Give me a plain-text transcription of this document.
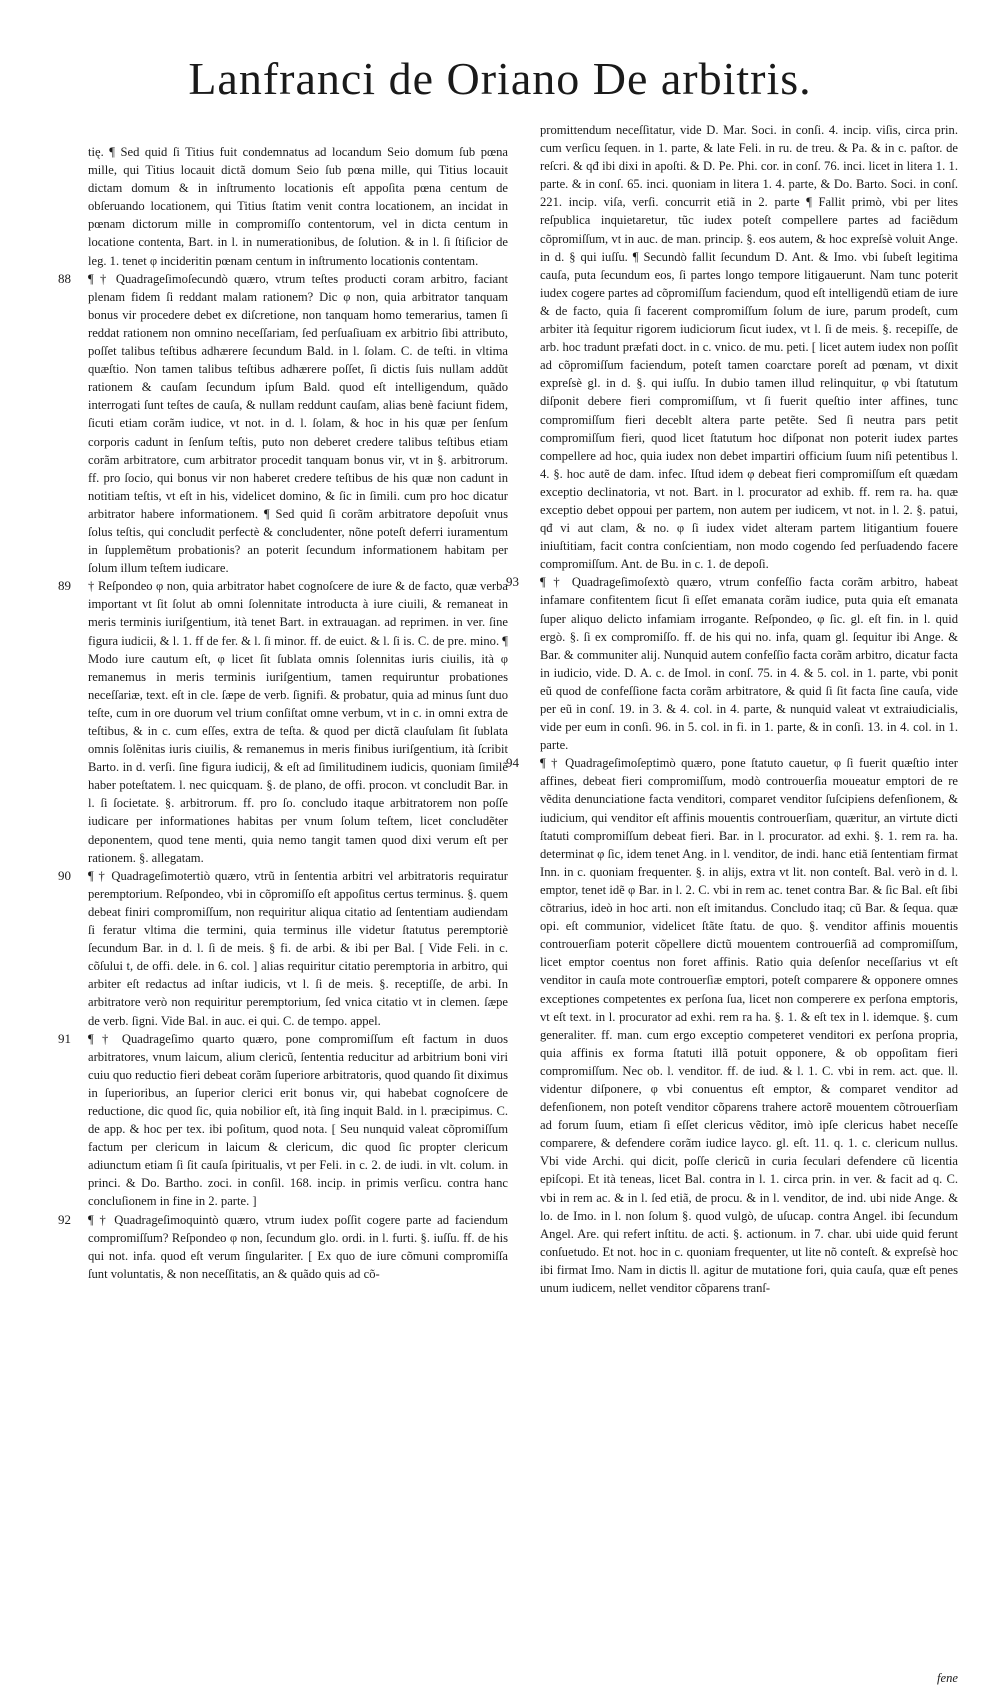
Lanfranci de Oriano De arbitris.

tię. ¶ Sed quid ſi Titius fuit condemnatus ad locandum Seio domum ſub pœna mille, qui Titius locauit dictã domum Seio ſub pœna mille, qui Titius locauit dictam domum & in inſtrumento locationis eſt appoſita pœna centum de obſeruando locationem, qui Titius ſtatim venit contra locationem, an incidat in pœnam dictorum mille in compromiſſo contentorum, vel in dicta centum in locatione contenta, Bart. in l. in numerationibus, de ſolution. & in l. ſi ſtiſicior de leg. 1. tenet φ incideritin pœnam centum in inſtrumento locationis contentam.

88 ¶ † Quadrageſimoſecundò quæro, vtrum teſtes producti coram arbitro, faciant plenam fidem ſi reddant malam rationem? Dic φ non, quia arbitrator tanquam bonus vir procedere debet ex diſcretione, non tanquam homo temerarius, tamen ſi reddat rationem non omnino neceſſariam, ſed perſuaſiuam ex arbitrio ſibi attributo, poſſet talibus teſtibus adhærere ſecundum Bald. in l. ſolam. C. de teſti. in vltima quæſtio. Non tamen talibus teſtibus adhærere poſſet, ſi dictis ſuis nullam addũt rationem & cauſam ſecundum ipſum Bald. quod eſt intelligendum, quãdo interrogati ſunt teſtes de cauſa, & nullam reddunt cauſam, alias benè faciunt fidem, ſicuti etiam corãm iudice, vt not. in d. l. ſolam, & hoc in his quæ per ſenſum corporis cadunt in ſenſum teſtis, puto non deberet credere talibus teſtibus etiam corãm arbitratore, cum arbitrator procedit tanquam bonus vir, vt in §. arbitrorum. ff. pro ſocio, qui bonus vir non haberet credere teſtibus de his quæ non cadunt in notitiam teſtis, vt eſt in his, videlicet domino, & ſic in ſimili. cum pro hoc dicatur arbitrator habere informationem. ¶ Sed quid ſi corãm arbitratore depoſuit vnus ſolus teſtis, qui concludit perfectè & concludenter, nõne poteſt deferri iuramentum in ſupplemẽtum probationis? an poterit ſecundum informationem habitam per ſolum illum teſtem iudicare.

89 † Reſpondeo φ non, quia arbitrator habet cognoſcere de iure & de facto, quæ verba important vt ſit ſolut ab omni ſolennitate introducta à iure ciuili, & remaneat in meris terminis iuriſgentium, ità tenet Bart. in extrauagan. ad reprimen. in ver. ſine figura iudicii, & l. 1. ff de fer. & l. ſi minor. ff. de euict. & l. ſi is. C. de pre. mino. ¶ Modo iure cautum eſt, φ licet ſit ſublata omnis ſolennitas iuris ciuilis, ità φ remanemus in meris terminis iuriſgentium, tamen requiruntur probationes neceſſariæ, text. eſt in cle. ſæpe de verb. ſignifi. & probatur, quia ad minus ſunt duo teſte, cum in ore duorum vel trium conſiſtat omne verbum, vt in c. in omni extra de teſtibus, & in c. cum eſſes, extra de teſta. & quod per dictã clauſulam ſit ſublata omnis ſolẽnitas iuris ciuilis, & remanemus in meris finibus iuriſgentium, ità ſcribit Barto. in d. verſi. ſine figura iudicij, & eſt ad ſimilitudinem iudicis, quoniam ſimilẽ haber poteſtatem. l. nec quicquam. §. de plano, de offi. procon. vt concludit Bar. in l. ſi ſocietate. §. arbitrorum. ff. pro ſo. concludo itaque arbitratorem non poſſe iudicare per informationes habitas per vnum ſolum teſtem, licet concludẽter deponentem, quod tene menti, quia nemo tangit tamen quod dixi verum eſt per rationem. §. allegatam.

90 ¶ † Quadrageſimotertiò quæro, vtrũ in ſententia arbitri vel arbitratoris requiratur peremptorium. Reſpondeo, vbi in cõpromiſſo eſt appoſitus certus terminus. §. quem debeat finiri compromiſſum, non requiritur aliqua citatio ad ſententiam audiendam ſi feratur vltima die termini, quia terminus ille videtur ſtatutus peremptoriè ſecundum Bar. in d. l. ſi de meis. § fi. de arbi. & ibi per Bal. [ Vide Feli. in c. cõſului t, de offi. dele. in 6. col. ] alias requiritur citatio peremptoria in arbitro, qui arbiter eſt redactus ad inſtar iudicis, vt l. ſi de meis. §. receptiſſe, de arbi. In arbitratore verò non requiritur peremptorium, ſed vnica citatio vt in clemen. ſæpe de verb. ſigni. Vide Bal. in auc. ei qui. C. de tempo. appel.

91 ¶ † Quadrageſimo quarto quæro, pone compromiſſum eſt factum in duos arbitratores, vnum laicum, alium clericũ, ſententia reducitur ad arbitrium boni viri cuiu quo reductio fieri debeat corãm ſuperiore arbitratoris, quod quando ſit diximus in ſuperioribus, an ſuperior clerici erit bonus vir, qui habebat cognoſcere de reductione, dic quod ſic, quia nobilior eſt, ità ſing inquit Bald. in l. præcipimus. C. de app. & hoc per tex. ibi poſitum, quod nota. [ Seu nunquid valeat cõpromiſſum factum per clericum in laicum & clericum, dic quod ſic propter clericum adiunctum etiam ſi ſit cauſa ſpiritualis, vt per Feli. in c. 2. de iudi. in vlt. colum. in princi. & Do. Bartho. zoci. in conſil. 168. incip. in primis verſicu. contra hanc concluſionem in fine in 2. parte. ]

92 ¶ † Quadrageſimoquintò quæro, vtrum iudex poſſit cogere parte ad faciendum compromiſſum? Reſpondeo φ non, ſecundum glo. ordi. in l. furti. §. iuſſu. ff. de his qui not. infa. quod eſt verum ſingulariter. [ Ex quo de iure cõmuni compromiſſa ſunt voluntatis, & non neceſſitatis, an & quãdo quis ad cõ-

promittendum neceſſitatur, vide D. Mar. Soci. in conſi. 4. incip. viſis, circa prin. cum verſicu ſequen. in 1. parte, & late Feli. in ru. de treu. & Pa. & in c. paſtor. de reſcri. & qđ ibi dixi in apoſti. & D. Pe. Phi. cor. in conſ. 76. inci. licet in litera 1. 1. parte. & in conſ. 65. inci. quoniam in litera 1. 4. parte, & Do. Barto. Soci. in conſ. 221. incip. viſa, verſi. concurrit etiã in 2. parte ¶ Fallit primò, vbi per lites reſpublica inquietaretur, tũc iudex poteſt compellere partes ad faciẽdum cõpromiſſum, vt in auc. de man. princip. §. eos autem, & hoc expreſsè voluit Ange. in d. § qui iuſſu. ¶ Secundò fallit ſecundum D. Ant. & Imo. vbi ſubeſt legitima cauſa, puta ſecundum eos, ſi partes longo tempore litigauerunt. Nam tunc poterit iudex cogere partes ad cõpromiſſum faciendum, quod eſt intelligendũ etiam de iure & de facto, quia ſi facerent compromiſſum ſolum de iure, parum prodeſt, cum arbiter ità ſequitur rigorem iudiciorum ſicut iudex, vt l. ſi de meis. §. recepiſſe, de arb. hoc tradunt præfati doct. in c. vnico. de mu. peti. [ licet autem iudex non poſſit ad cõpromiſſum faciendum, poteſt tamen coarctare poreſt ad pœnam, vt dixit expreſsè gl. in d. §. qui iuſſu. In dubio tamen illud relinquitur, φ vbi ſtatutum diſponit debere fieri compromiſſum, vt ſi fuerit queſtio inter affines, tunc compromiſſum fieri deceblt altera parte petẽte. Sed ſi neutra pars petit compromiſſum fieri, quod licet ſtatutum hoc diſponat non poterit iudex partes compellere ad hoc, quia iudex non debet impartiri officium ſuum niſi petentibus l. 4. §. hoc autẽ de dam. infec. Iſtud idem φ debeat fieri compromiſſum eſt quædam exceptio declinatoria, vt not. Bart. in l. procurator ad exhib. ff. rem ra. ha. quæ exceptio debet oppoui per partem, non autem per iudicem, vt not. in l. 2. §. patui, qđ vi aut clam, & no. φ ſi iudex videt alteram partem litigantium fouere iniuſtitiam, facit contra conſcientiam, non modo cogendo ſed perſuadendo facere compromiſſum. Ant. de Bu. in c. 1. de depoſi.

93 ¶ † Quadrageſimoſextò quæro, vtrum confeſſio facta corãm arbitro, habeat infamare confitentem ſicut ſi eſſet emanata corãm iudice, puta quia eſt emanata ſuper aliquo delicto infamiam irrogante. Reſpondeo, φ ſic. gl. eſt fin. in l. quid ergò. §. ſi ex compromiſſo. ff. de his qui no. infa, quam gl. ſequitur ibi Ange. & Bar. & communiter alij. Nunquid autem confeſſio facta corãm arbitro, dicatur facta in iudicio, vide. D. A. c. de Imol. in conſ. 75. in 4. & 5. col. in 1. parte, vbi ponit eũ quod de confeſſione facta corãm arbitratore, & quid ſi ſit facta ſine cauſa, vide per eũ in conſ. 19. in 3. & 4. col. in 4. parte, & nunquid valeat vt extraiudicialis, vide per eum in conſi. 96. in 5. col. in fi. in 1. parte, & in conſi. 13. in 4. col. in 1. parte.

94 ¶ † Quadrageſimoſeptimò quæro, pone ſtatuto cauetur, φ ſi fuerit quæſtio inter affines, debeat fieri compromiſſum, modò controuerſia moueatur emptori de re vẽdita denunciatione facta venditori, comparet venditor ſuſcipiens defenſionem, & iudicium, qui venditor eſt affinis mouentis controuerſiam, quæritur, an virtute dicti ſtatuti compromiſſum debeat fieri. Bar. in l. procurator. ad exhi. §. 1. rem ra. ha. determinat φ ſic, idem tenet Ang. in l. venditor, de indi. hanc etiã ſententiam firmat Inn. in c. quoniam frequenter. §. in alijs, extra vt lit. non conteſt. Bal. verò in d. l. emptor, tenet idẽ φ Bar. in l. 2. C. vbi in rem ac. tenet contra Bar. & ſic Bal. eſt ſibi cõtrarius, ideò in hoc arti. non eſt imitandus. Concludo itaq; cũ Bar. & ſequa. quæ opi. eſt communior, videlicet ſtãte ſtatu. de quo. §. venditor affinis mouentis controuerſiam poterit cõpellere dictũ mouentem controuerſiã ad compromiſſum, licet emptor coentus non foret affinis. Ratio quia deſenſor neceſſarius vt eſt venditor in cauſa mote controuerſiæ emptori, poteſt comparere & opponere omnes exceptiones competentes ex perſona ſua, licet non comperere ex perſona emptoris, vt eſt text. in l. procurator ad exhi. rem ra ha. §. 1. & eſt tex in l. idemque. §. cum generaliter. ff. man. cum ergo exceptio competeret venditori ex perſona propria, quia affinis ex forma ſtatuti illã potuit opponere, & ob oppoſitam fieri compromiſſum. Nec ob. l. venditor. ff. de iud. & l. 1. C. vbi in rem. act. que. ll. videntur diſponere, φ vbi conuentus eſt emptor, & comparet venditor ad defenſionem, non poteſt venditor cõparens trahere actorẽ mouentem cõtrouerſiam ad forum ſuum, etiam ſi eſſet clericus vẽditor, imò ipſe clericus habet neceſſe comparere, & defendere corãm iudice layco. gl. eſt. 11. q. 1. c. clericum nullus. Vbi vide Archi. qui dicit, poſſe clericũ in curia ſeculari defendere cũ licentia epiſcopi. Et ità teneas, licet Bal. contra in l. 1. circa prin. in ver. & facit ad q. C. vbi in rem ac. & in l. ſed etiã, de procu. & in l. venditor, de ind. ubi nide Ange. & lo. de Imo. in l. non ſolum §. quod vulgò, de uſucap. contra Angel. ibi ſecundum Angel. Are. qui refert inſtitu. de acti. §. actionum. in 7. char. ubi uide quid ferunt conſuetudo. Et not. hoc in c. quoniam frequenter, ut lite nõ conteſt. & expreſsè hoc ibi firmat Imo. Nam in dictis ll. agitur de mutatione fori, quia cauſa, quæ eſt penes unum iudicem, nellet venditor cõparens tranſ-

fene
